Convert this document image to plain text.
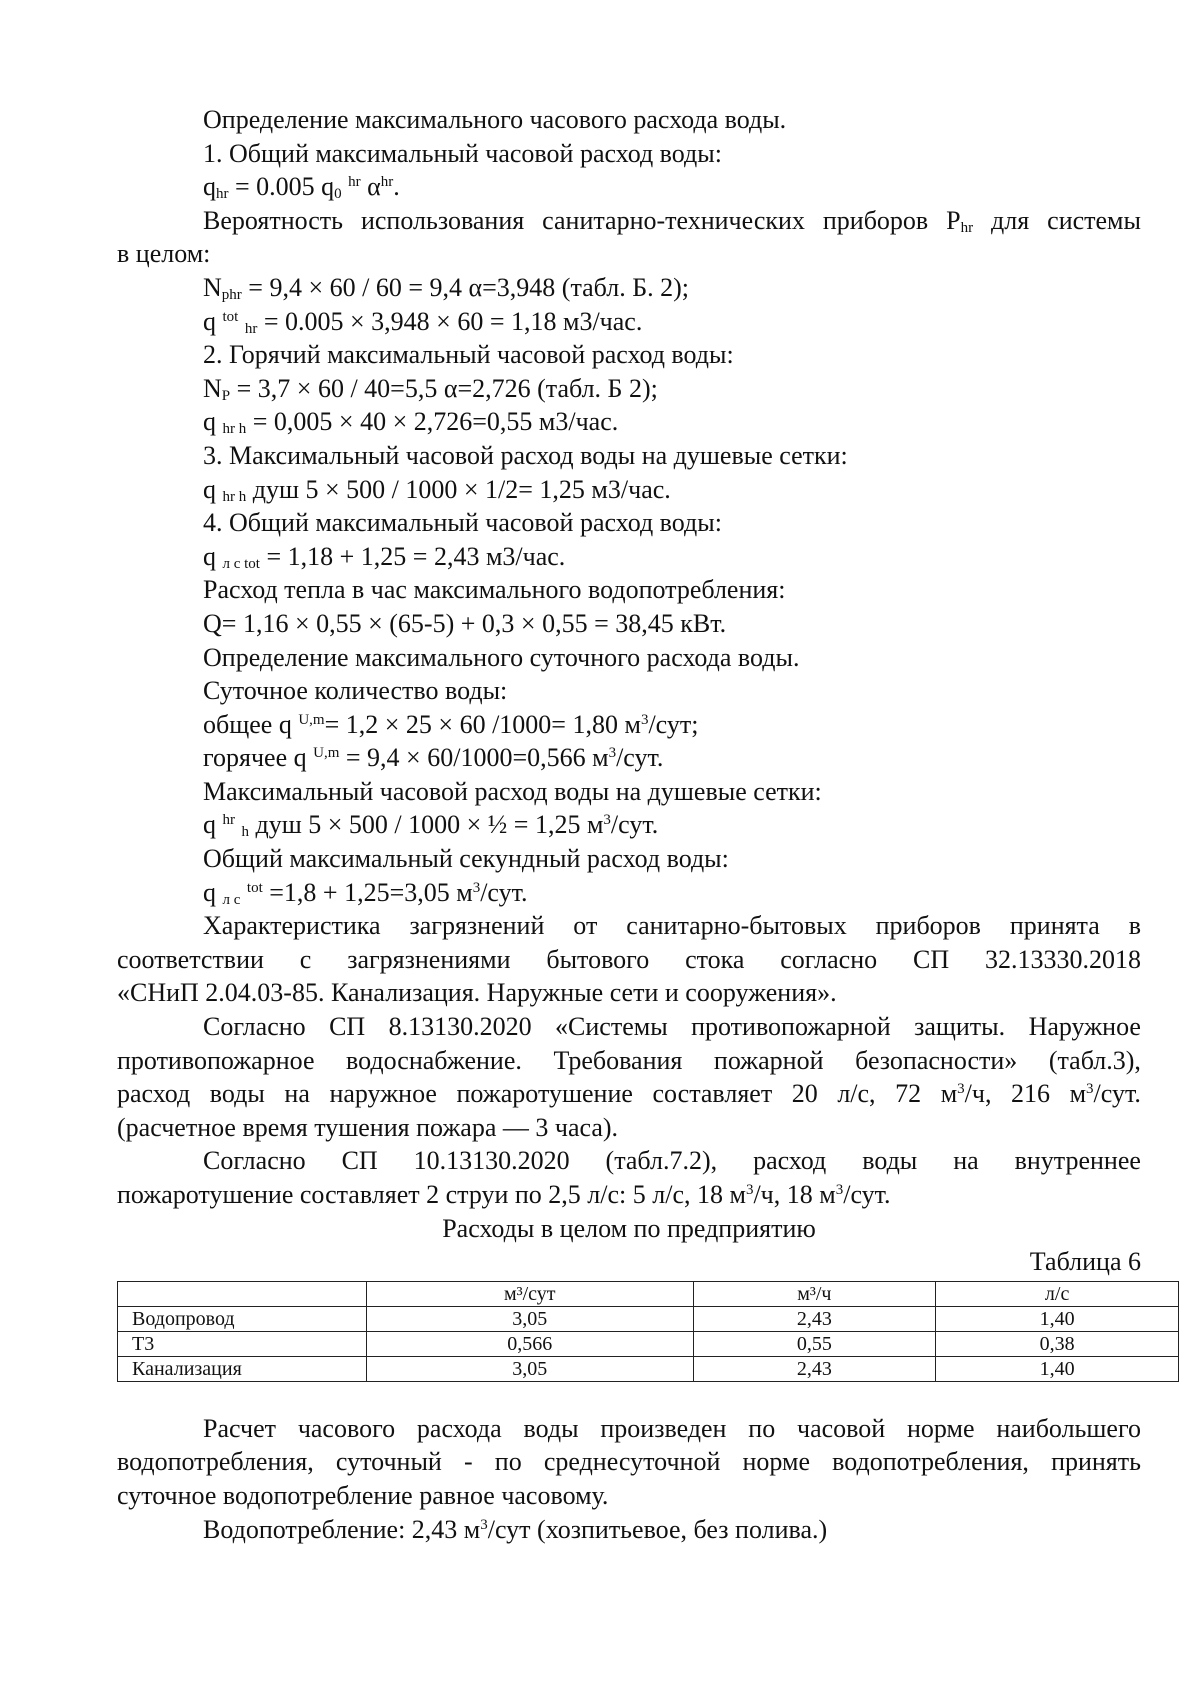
Определение максимального часового расхода воды.
1. Общий максимальный часовой расход воды:
$q_{hr} = 0.005$ $q_0$ $^{hr}$ $\alpha^{hr}$.
Вероятность использования санитарно-технических приборов $P_{hr}$ для системы
в целом:
$N_{phr} = 9,4 \times 60 / 60 = 9,4$ α=3,948 (табл. Б. 2);
q $^{tot}$ $_{hr}$ = 0.005 × 3,948 × 60 = 1,18 м3/час.
2. Горячий максимальный часовой расход воды:
$N_P = 3,7 \times 60 / 40=5,5$ α=2,726 (табл. Б 2);
q $_{hr h}$ = 0,005 × 40 × 2,726=0,55 м3/час.
3. Максимальный часовой расход воды на душевые сетки:
q $_{hr h}$ душ 5 × 500 / 1000 × 1/2= 1,25 м3/час.
4. Общий максимальный часовой расход воды:
q $_{л с tot}$ = 1,18 + 1,25 = 2,43 м3/час.
Расход тепла в час максимального водопотребления:
Q= 1,16 × 0,55 × (65-5) + 0,3 × 0,55 = 38,45 кВт.
Определение максимального суточного расхода воды.
Суточное количество воды:
общее q $^{U,m}$= 1,2 × 25 × 60 /1000= 1,80 $м^3$/сут;
горячее q $^{U,m}$ = 9,4 × 60/1000=0,566 $м^3$/сут.
Максимальный часовой расход воды на душевые сетки:
q $^{hr}$ $_h$ душ 5 × 500 / 1000 × ½ = 1,25 $м^3$/сут.
Общий максимальный секундный расход воды:
q $_{л с}$ $^{tot}$ =1,8 + 1,25=3,05 $м^3$/сут.
Характеристика загрязнений от санитарно-бытовых приборов принята в
соответствии с загрязнениями бытового стока согласно СП 32.13330.2018
«СНиП 2.04.03-85. Канализация. Наружные сети и сооружения».
Согласно СП 8.13130.2020 «Системы противопожарной защиты. Наружное
противопожарное водоснабжение. Требования пожарной безопасности» (табл.3),
расход воды на наружное пожаротушение составляет 20 л/с, 72 $м^3/ч$, 216 $м^3$/сут.
(расчетное время тушения пожара — 3 часа).
Согласно СП 10.13130.2020 (табл.7.2), расход воды на внутреннее
пожаротушение составляет 2 струи по 2,5 л/с: 5 л/с, 18 $м^3/ч$, 18 $м^3$/сут.
Расходы в целом по предприятию
Таблица 6
	м³/сут	м³/ч	л/с
Водопровод	3,05	2,43	1,40
Т3	0,566	0,55	0,38
Канализация	3,05	2,43	1,40
Расчет часового расхода воды произведен по часовой норме наибольшего
водопотребления, суточный - по среднесуточной норме водопотребления, принять
суточное водопотребление равное часовому.
Водопотребление: 2,43 $м^3$/сут (хозпитьевое, без полива.)
